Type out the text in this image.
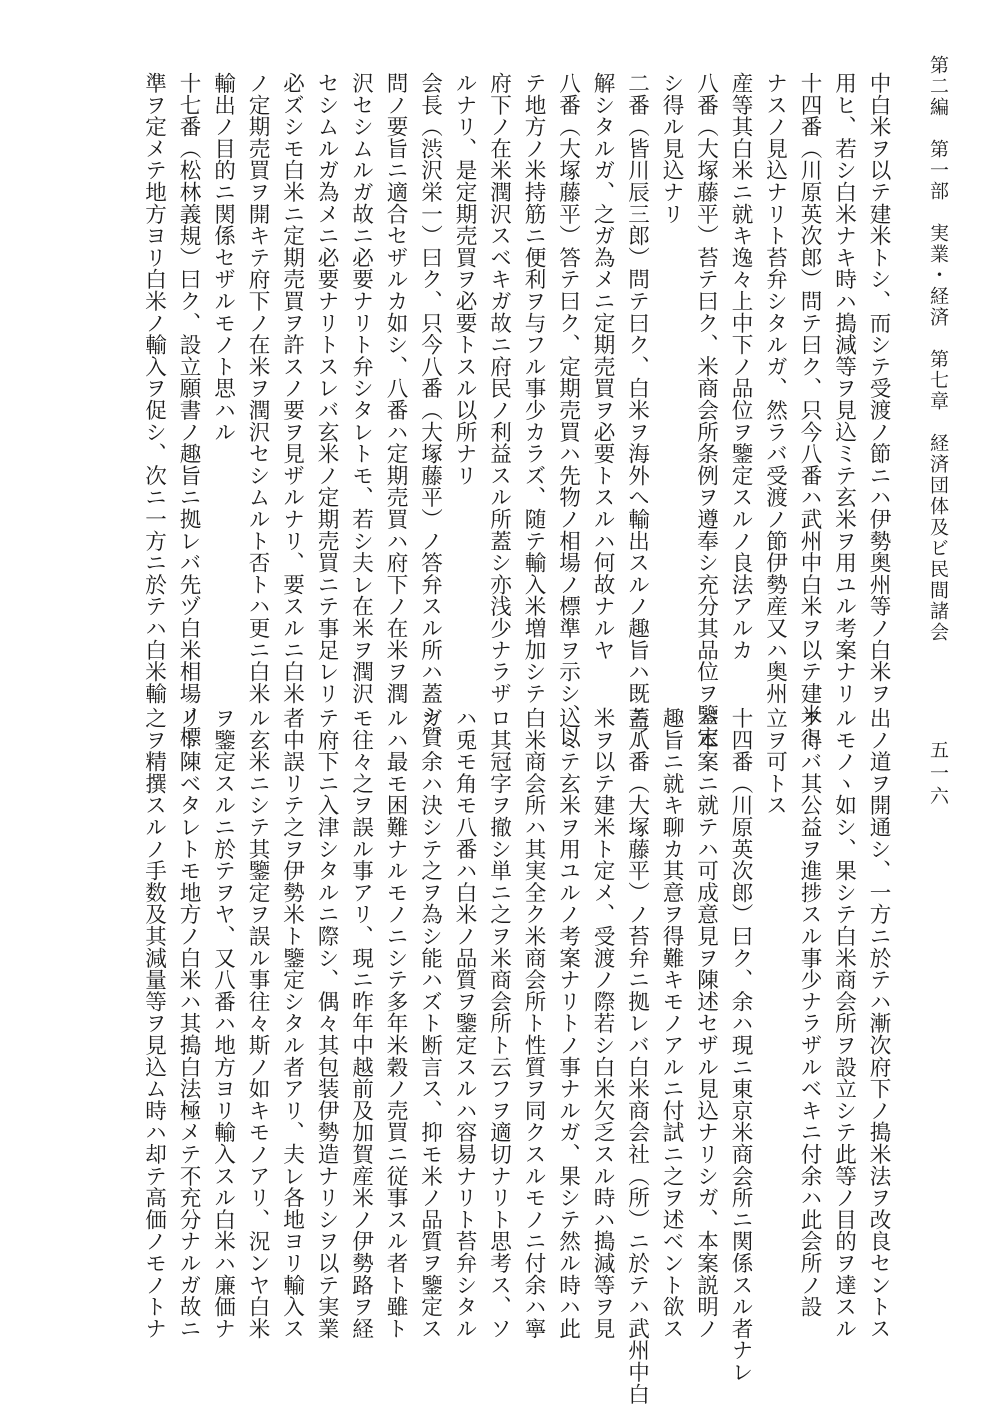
第二編　第一部　実業・経済　第七章　経済団体及ビ民間諸会
五一六
中白米ヲ以テ建米トシ、而シテ受渡ノ節ニハ伊勢奥州等ノ白米ヲ
用ヒ、若シ白米ナキ時ハ搗減等ヲ見込ミテ玄米ヲ用ユル考案ナリ
十四番（川原英次郎）問テ曰ク、只今八番ハ武州中白米ヲ以テ建米ト
ナスノ見込ナリト苔弁シタルガ、然ラバ受渡ノ節伊勢産又ハ奥州
産等其白米ニ就キ逸々上中下ノ品位ヲ鑒定スルノ良法アルカ
八番（大塚藤平）苔テ曰ク、米商会所条例ヲ遵奉シ充分其品位ヲ鑒定
シ得ル見込ナリ
二番（皆川辰三郎）問テ曰ク、白米ヲ海外へ輸出スルノ趣旨ハ既ニ了
解シタルガ、之ガ為メニ定期売買ヲ必要トスルハ何故ナルヤ
八番（大塚藤平）答テ曰ク、定期売買ハ先物ノ相場ノ標準ヲ示シ、以
テ地方ノ米持筋ニ便利ヲ与フル事少カラズ、随テ輸入米増加シテ
府下ノ在米潤沢スベキガ故ニ府民ノ利益スル所蓋シ亦浅少ナラザ
ルナリ、是定期売買ヲ必要トスル以所ナリ
会長（渋沢栄一）曰ク、只今八番（大塚藤平）ノ答弁スル所ハ蓋シ質
問ノ要旨ニ適合セザルカ如シ、八番ハ定期売買ハ府下ノ在米ヲ潤
沢セシムルガ故ニ必要ナリト弁シタレトモ、若シ夫レ在米ヲ潤沢
セシムルガ為メニ必要ナリトスレバ玄米ノ定期売買ニテ事足レリ
必ズシモ白米ニ定期売買ヲ許スノ要ヲ見ザルナリ、要スルニ白米
ノ定期売買ヲ開キテ府下ノ在米ヲ潤沢セシムルト否トハ更ニ白米
輸出ノ目的ニ関係セザルモノト思ハル
十七番（松林義規）曰ク、設立願書ノ趣旨ニ拠レバ先ヅ白米相場ノ標
準ヲ定メテ地方ヨリ白米ノ輸入ヲ促シ、次ニ一方ニ於テハ白米輸
出ノ道ヲ開通シ、一方ニ於テハ漸次府下ノ搗米法ヲ改良セントス
ルモノヽ如シ、果シテ白米商会所ヲ設立シテ此等ノ目的ヲ達スル
ヲ得バ其公益ヲ進捗スル事少ナラザルベキニ付余ハ此会所ノ設
立ヲ可トス
十四番（川原英次郎）曰ク、余ハ現ニ東京米商会所ニ関係スル者ナレ
バ本案ニ就テハ可成意見ヲ陳述セザル見込ナリシガ、本案説明ノ
趣旨ニ就キ聊カ其意ヲ得難キモノアルニ付試ニ之ヲ述ベント欲ス
蓋八番（大塚藤平）ノ苔弁ニ拠レバ白米商会社（所）ニ於テハ武州中白
米ヲ以テ建米ト定メ、受渡ノ際若シ白米欠乏スル時ハ搗減等ヲ見
込ミテ玄米ヲ用ユルノ考案ナリトノ事ナルガ、果シテ然ル時ハ此
白米商会所ハ其実全ク米商会所ト性質ヲ同クスルモノニ付余ハ寧
ロ其冠字ヲ撤シ単ニ之ヲ米商会所ト云フヲ適切ナリト思考ス、ソ
ハ兎モ角モ八番ハ白米ノ品質ヲ鑒定スルハ容易ナリト苔弁シタル
ガ、余ハ決シテ之ヲ為シ能ハズト断言ス、抑モ米ノ品質ヲ鑒定ス
ルハ最モ困難ナルモノニシテ多年米穀ノ売買ニ従事スル者ト雖ト
モ往々之ヲ誤ル事アリ、現ニ昨年中越前及加賀産米ノ伊勢路ヲ経
テ府下ニ入津シタルニ際シ、偶々其包装伊勢造ナリシヲ以テ実業
者中誤リテ之ヲ伊勢米ト鑒定シタル者アリ、夫レ各地ヨリ輸入ス
ル玄米ニシテ其鑒定ヲ誤ル事往々斯ノ如キモノアリ、況ンヤ白米
ヲ鑒定スルニ於テヲヤ、又八番ハ地方ヨリ輸入スル白米ハ廉価ナ
リト陳ベタレトモ地方ノ白米ハ其搗白法極メテ不充分ナルガ故ニ
之ヲ精撰スルノ手数及其減量等ヲ見込ム時ハ却テ高価ノモノトナ
